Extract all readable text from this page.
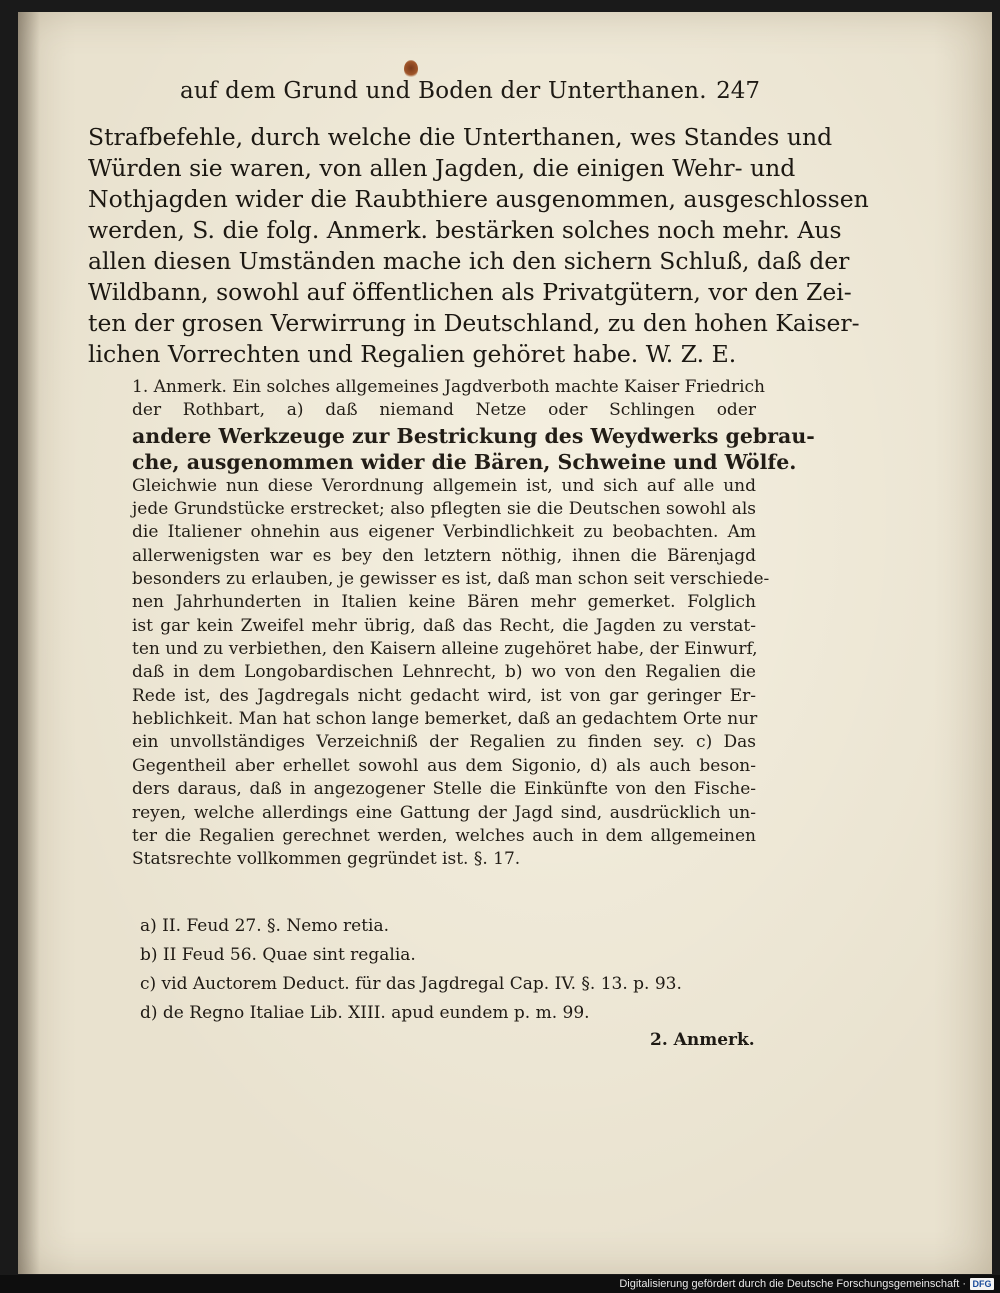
auf dem Grund und Boden der Unterthanen. 247
Strafbefehle, durch welche die Unterthanen, wes Standes und
Würden sie waren, von allen Jagden, die einigen Wehr- und
Nothjagden wider die Raubthiere ausgenommen, ausgeschlossen
werden, S. die folg. Anmerk. bestärken solches noch mehr. Aus
allen diesen Umständen mache ich den sichern Schluß, daß der
Wildbann, sowohl auf öffentlichen als Privatgütern, vor den Zei-
ten der grosen Verwirrung in Deutschland, zu den hohen Kaiser-
lichen Vorrechten und Regalien gehöret habe. W. Z. E.
1. Anmerk. Ein solches allgemeines Jagdverboth machte Kaiser Friedrich
der Rothbart, a) daß niemand Netze oder Schlingen oder
andere Werkzeuge zur Bestrickung des Weydwerks gebrau-
che, ausgenommen wider die Bären, Schweine und Wölfe.
Gleichwie nun diese Verordnung allgemein ist, und sich auf alle und
jede Grundstücke erstrecket; also pflegten sie die Deutschen sowohl als
die Italiener ohnehin aus eigener Verbindlichkeit zu beobachten. Am
allerwenigsten war es bey den letztern nöthig, ihnen die Bärenjagd
besonders zu erlauben, je gewisser es ist, daß man schon seit verschiede-
nen Jahrhunderten in Italien keine Bären mehr gemerket. Folglich
ist gar kein Zweifel mehr übrig, daß das Recht, die Jagden zu verstat-
ten und zu verbiethen, den Kaisern alleine zugehöret habe, der Einwurf,
daß in dem Longobardischen Lehnrecht, b) wo von den Regalien die
Rede ist, des Jagdregals nicht gedacht wird, ist von gar geringer Er-
heblichkeit. Man hat schon lange bemerket, daß an gedachtem Orte nur
ein unvollständiges Verzeichniß der Regalien zu finden sey. c) Das
Gegentheil aber erhellet sowohl aus dem Sigonio, d) als auch beson-
ders daraus, daß in angezogener Stelle die Einkünfte von den Fische-
reyen, welche allerdings eine Gattung der Jagd sind, ausdrücklich un-
ter die Regalien gerechnet werden, welches auch in dem allgemeinen
Statsrechte vollkommen gegründet ist. §. 17.
a) II. Feud 27. §. Nemo retia.
b) II Feud 56. Quae sint regalia.
c) vid Auctorem Deduct. für das Jagdregal Cap. IV. §. 13. p. 93.
d) de Regno Italiae Lib. XIII. apud eundem p. m. 99.
2. Anmerk.
Digitalisierung gefördert durch die Deutsche Forschungsgemeinschaft · DFG
